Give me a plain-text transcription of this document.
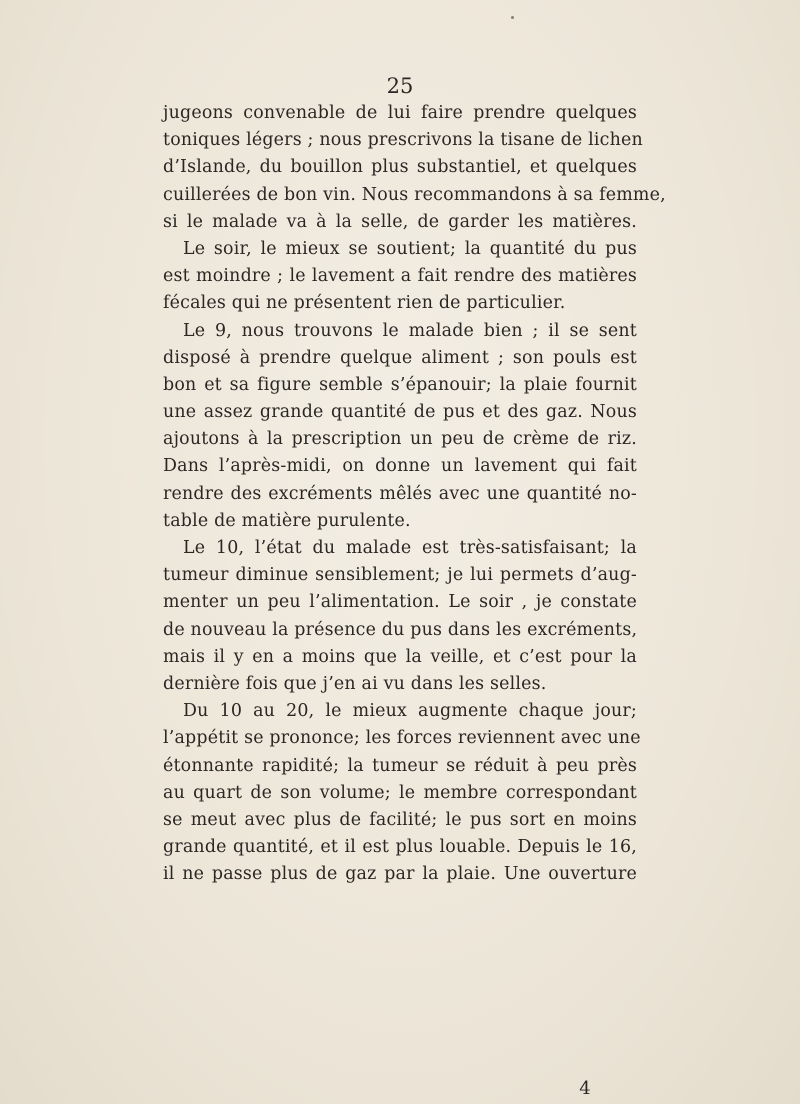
25

jugeons convenable de lui faire prendre quelques
toniques légers ; nous prescrivons la tisane de lichen
d’Islande, du bouillon plus substantiel, et quelques
cuillerées de bon vin. Nous recommandons à sa femme,
si le malade va à la selle, de garder les matières.
Le soir, le mieux se soutient; la quantité du pus
est moindre ; le lavement a fait rendre des matières
fécales qui ne présentent rien de particulier.
Le 9, nous trouvons le malade bien ; il se sent
disposé à prendre quelque aliment ; son pouls est
bon et sa figure semble s’épanouir; la plaie fournit
une assez grande quantité de pus et des gaz. Nous
ajoutons à la prescription un peu de crème de riz.
Dans l’après-midi, on donne un lavement qui fait
rendre des excréments mêlés avec une quantité no-
table de matière purulente.
Le 10, l’état du malade est très-satisfaisant; la
tumeur diminue sensiblement; je lui permets d’aug-
menter un peu l’alimentation. Le soir , je constate
de nouveau la présence du pus dans les excréments,
mais il y en a moins que la veille, et c’est pour la
dernière fois que j’en ai vu dans les selles.
Du 10 au 20, le mieux augmente chaque jour;
l’appétit se prononce; les forces reviennent avec une
étonnante rapidité; la tumeur se réduit à peu près
au quart de son volume; le membre correspondant
se meut avec plus de facilité; le pus sort en moins
grande quantité, et il est plus louable. Depuis le 16,
il ne passe plus de gaz par la plaie. Une ouverture

4
